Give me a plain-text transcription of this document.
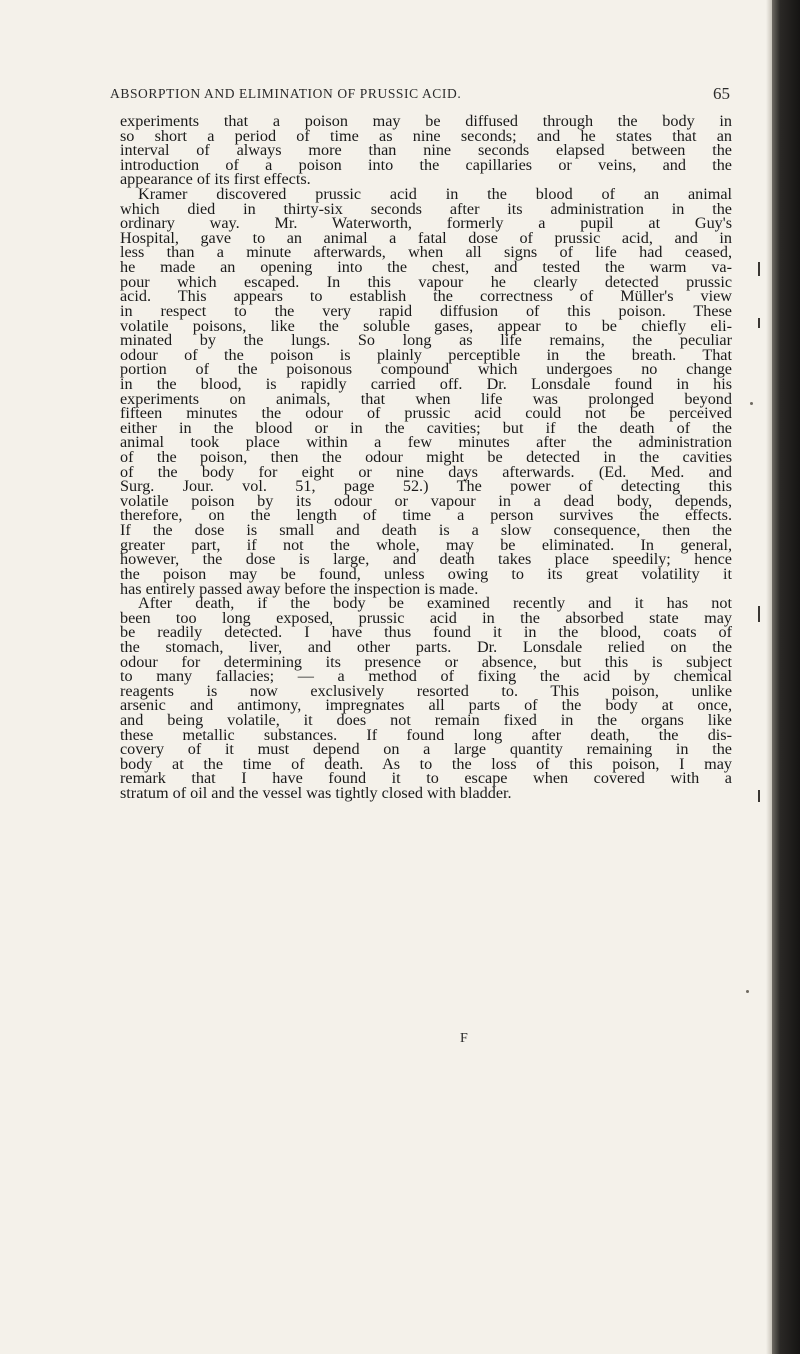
ABSORPTION AND ELIMINATION OF PRUSSIC ACID.	65
experiments that a poison may be diffused through the body in
so short a period of time as nine seconds; and he states that an
interval of always more than nine seconds elapsed between the
introduction of a poison into the capillaries or veins, and the
appearance of its first effects.
Kramer discovered prussic acid in the blood of an animal
which died in thirty-six seconds after its administration in the
ordinary way. Mr. Waterworth, formerly a pupil at Guy's
Hospital, gave to an animal a fatal dose of prussic acid, and in
less than a minute afterwards, when all signs of life had ceased,
he made an opening into the chest, and tested the warm va-
pour which escaped. In this vapour he clearly detected prussic
acid. This appears to establish the correctness of Müller's view
in respect to the very rapid diffusion of this poison. These
volatile poisons, like the soluble gases, appear to be chiefly eli-
minated by the lungs. So long as life remains, the peculiar
odour of the poison is plainly perceptible in the breath. That
portion of the poisonous compound which undergoes no change
in the blood, is rapidly carried off. Dr. Lonsdale found in his
experiments on animals, that when life was prolonged beyond
fifteen minutes the odour of prussic acid could not be perceived
either in the blood or in the cavities; but if the death of the
animal took place within a few minutes after the administration
of the poison, then the odour might be detected in the cavities
of the body for eight or nine days afterwards. (Ed. Med. and
Surg. Jour. vol. 51, page 52.) The power of detecting this
volatile poison by its odour or vapour in a dead body, depends,
therefore, on the length of time a person survives the effects.
If the dose is small and death is a slow consequence, then the
greater part, if not the whole, may be eliminated. In general,
however, the dose is large, and death takes place speedily; hence
the poison may be found, unless owing to its great volatility it
has entirely passed away before the inspection is made.
After death, if the body be examined recently and it has not
been too long exposed, prussic acid in the absorbed state may
be readily detected. I have thus found it in the blood, coats of
the stomach, liver, and other parts. Dr. Lonsdale relied on the
odour for determining its presence or absence, but this is subject
to many fallacies; — a method of fixing the acid by chemical
reagents is now exclusively resorted to. This poison, unlike
arsenic and antimony, impregnates all parts of the body at once,
and being volatile, it does not remain fixed in the organs like
these metallic substances. If found long after death, the dis-
covery of it must depend on a large quantity remaining in the
body at the time of death. As to the loss of this poison, I may
remark that I have found it to escape when covered with a
stratum of oil and the vessel was tightly closed with bladder.
F
